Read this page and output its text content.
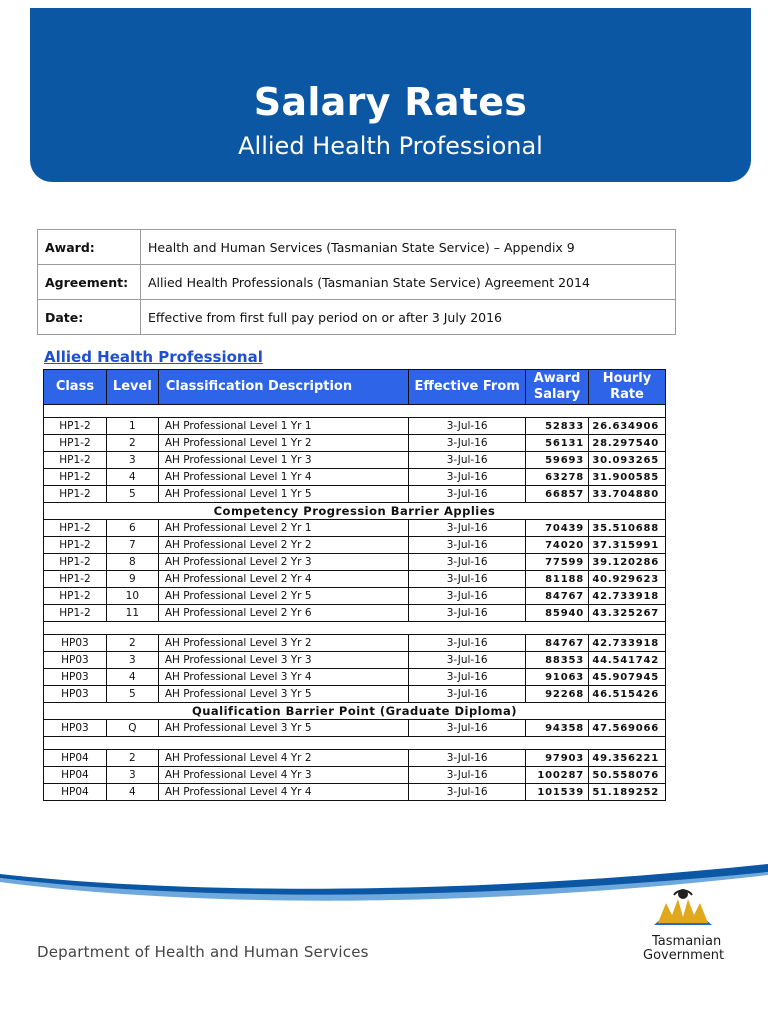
Salary Rates
Allied Health Professional
Award:	Health and Human Services (Tasmanian State Service) – Appendix 9
Agreement:	Allied Health Professionals (Tasmanian State Service) Agreement 2014
Date:	Effective from first full pay period on or after 3 July 2016
Allied Health Professional
Class	Level	Classification Description	Effective From	Award Salary	Hourly Rate

HP1-2	1	AH Professional Level 1 Yr 1	3-Jul-16	52833	26.634906
HP1-2	2	AH Professional Level 1 Yr 2	3-Jul-16	56131	28.297540
HP1-2	3	AH Professional Level 1 Yr 3	3-Jul-16	59693	30.093265
HP1-2	4	AH Professional Level 1 Yr 4	3-Jul-16	63278	31.900585
HP1-2	5	AH Professional Level 1 Yr 5	3-Jul-16	66857	33.704880
Competency Progression Barrier Applies					
HP1-2	6	AH Professional Level 2 Yr 1	3-Jul-16	70439	35.510688
HP1-2	7	AH Professional Level 2 Yr 2	3-Jul-16	74020	37.315991
HP1-2	8	AH Professional Level 2 Yr 3	3-Jul-16	77599	39.120286
HP1-2	9	AH Professional Level 2 Yr 4	3-Jul-16	81188	40.929623
HP1-2	10	AH Professional Level 2 Yr 5	3-Jul-16	84767	42.733918
HP1-2	11	AH Professional Level 2 Yr 6	3-Jul-16	85940	43.325267

HP03	2	AH Professional Level 3 Yr 2	3-Jul-16	84767	42.733918
HP03	3	AH Professional Level 3 Yr 3	3-Jul-16	88353	44.541742
HP03	4	AH Professional Level 3 Yr 4	3-Jul-16	91063	45.907945
HP03	5	AH Professional Level 3 Yr 5	3-Jul-16	92268	46.515426
Qualification Barrier Point (Graduate Diploma)					
HP03	Q	AH Professional Level 3 Yr 5	3-Jul-16	94358	47.569066

HP04	2	AH Professional Level 4 Yr 2	3-Jul-16	97903	49.356221
HP04	3	AH Professional Level 4 Yr 3	3-Jul-16	100287	50.558076
HP04	4	AH Professional Level 4 Yr 4	3-Jul-16	101539	51.189252
Department of Health and Human Services
Tasmanian
Government
